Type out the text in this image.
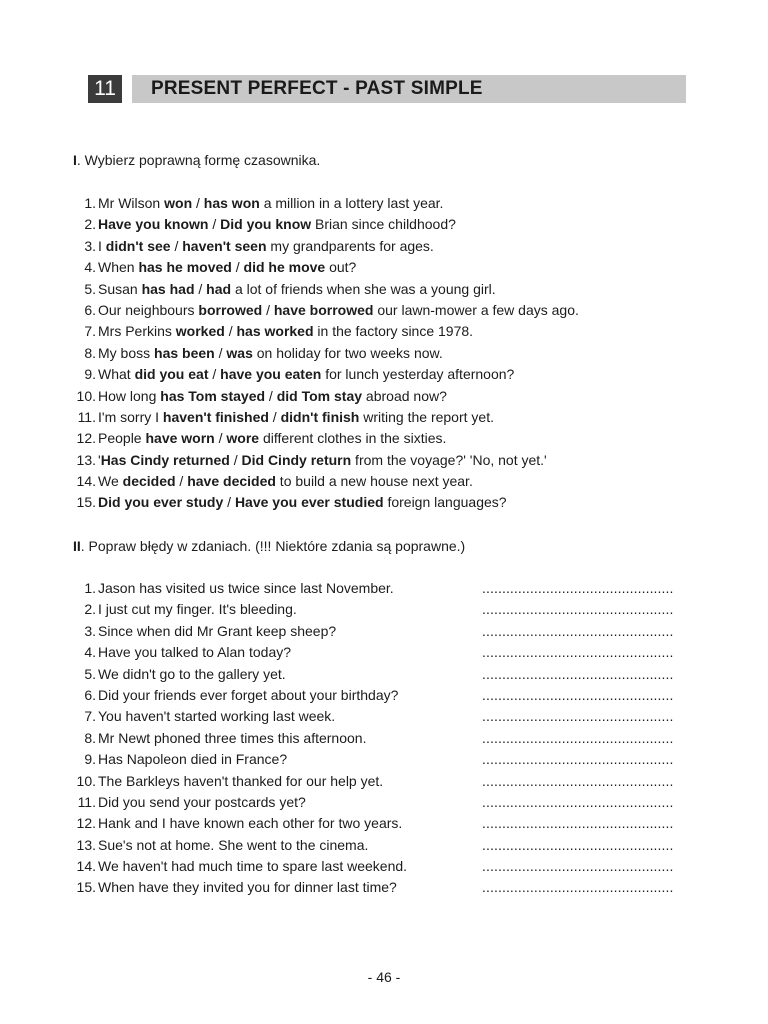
11	PRESENT PERFECT - PAST SIMPLE
I. Wybierz poprawną formę czasownika.
1. Mr Wilson won / has won a million in a lottery last year.
2. Have you known / Did you know Brian since childhood?
3. I didn't see / haven't seen my grandparents for ages.
4. When has he moved / did he move out?
5. Susan has had / had a lot of friends when she was a young girl.
6. Our neighbours borrowed / have borrowed our lawn-mower a few days ago.
7. Mrs Perkins worked / has worked in the factory since 1978.
8. My boss has been / was on holiday for two weeks now.
9. What did you eat / have you eaten for lunch yesterday afternoon?
10. How long has Tom stayed / did Tom stay abroad now?
11. I'm sorry I haven't finished / didn't finish writing the report yet.
12. People have worn / wore different clothes in the sixties.
13. 'Has Cindy returned / Did Cindy return from the voyage?' 'No, not yet.'
14. We decided / have decided to build a new house next year.
15. Did you ever study / Have you ever studied foreign languages?
II. Popraw błędy w zdaniach. (!!! Niektóre zdania są poprawne.)
1. Jason has visited us twice since last November.	................................................
2. I just cut my finger. It's bleeding.	................................................
3. Since when did Mr Grant keep sheep?	................................................
4. Have you talked to Alan today?	................................................
5. We didn't go to the gallery yet.	................................................
6. Did your friends ever forget about your birthday?	................................................
7. You haven't started working last week.	................................................
8. Mr Newt phoned three times this afternoon.	................................................
9. Has Napoleon died in France?	................................................
10. The Barkleys haven't thanked for our help yet.	................................................
11. Did you send your postcards yet?	................................................
12. Hank and I have known each other for two years.	................................................
13. Sue's not at home. She went to the cinema.	................................................
14. We haven't had much time to spare last weekend.	................................................
15. When have they invited you for dinner last time?	................................................
- 46 -
